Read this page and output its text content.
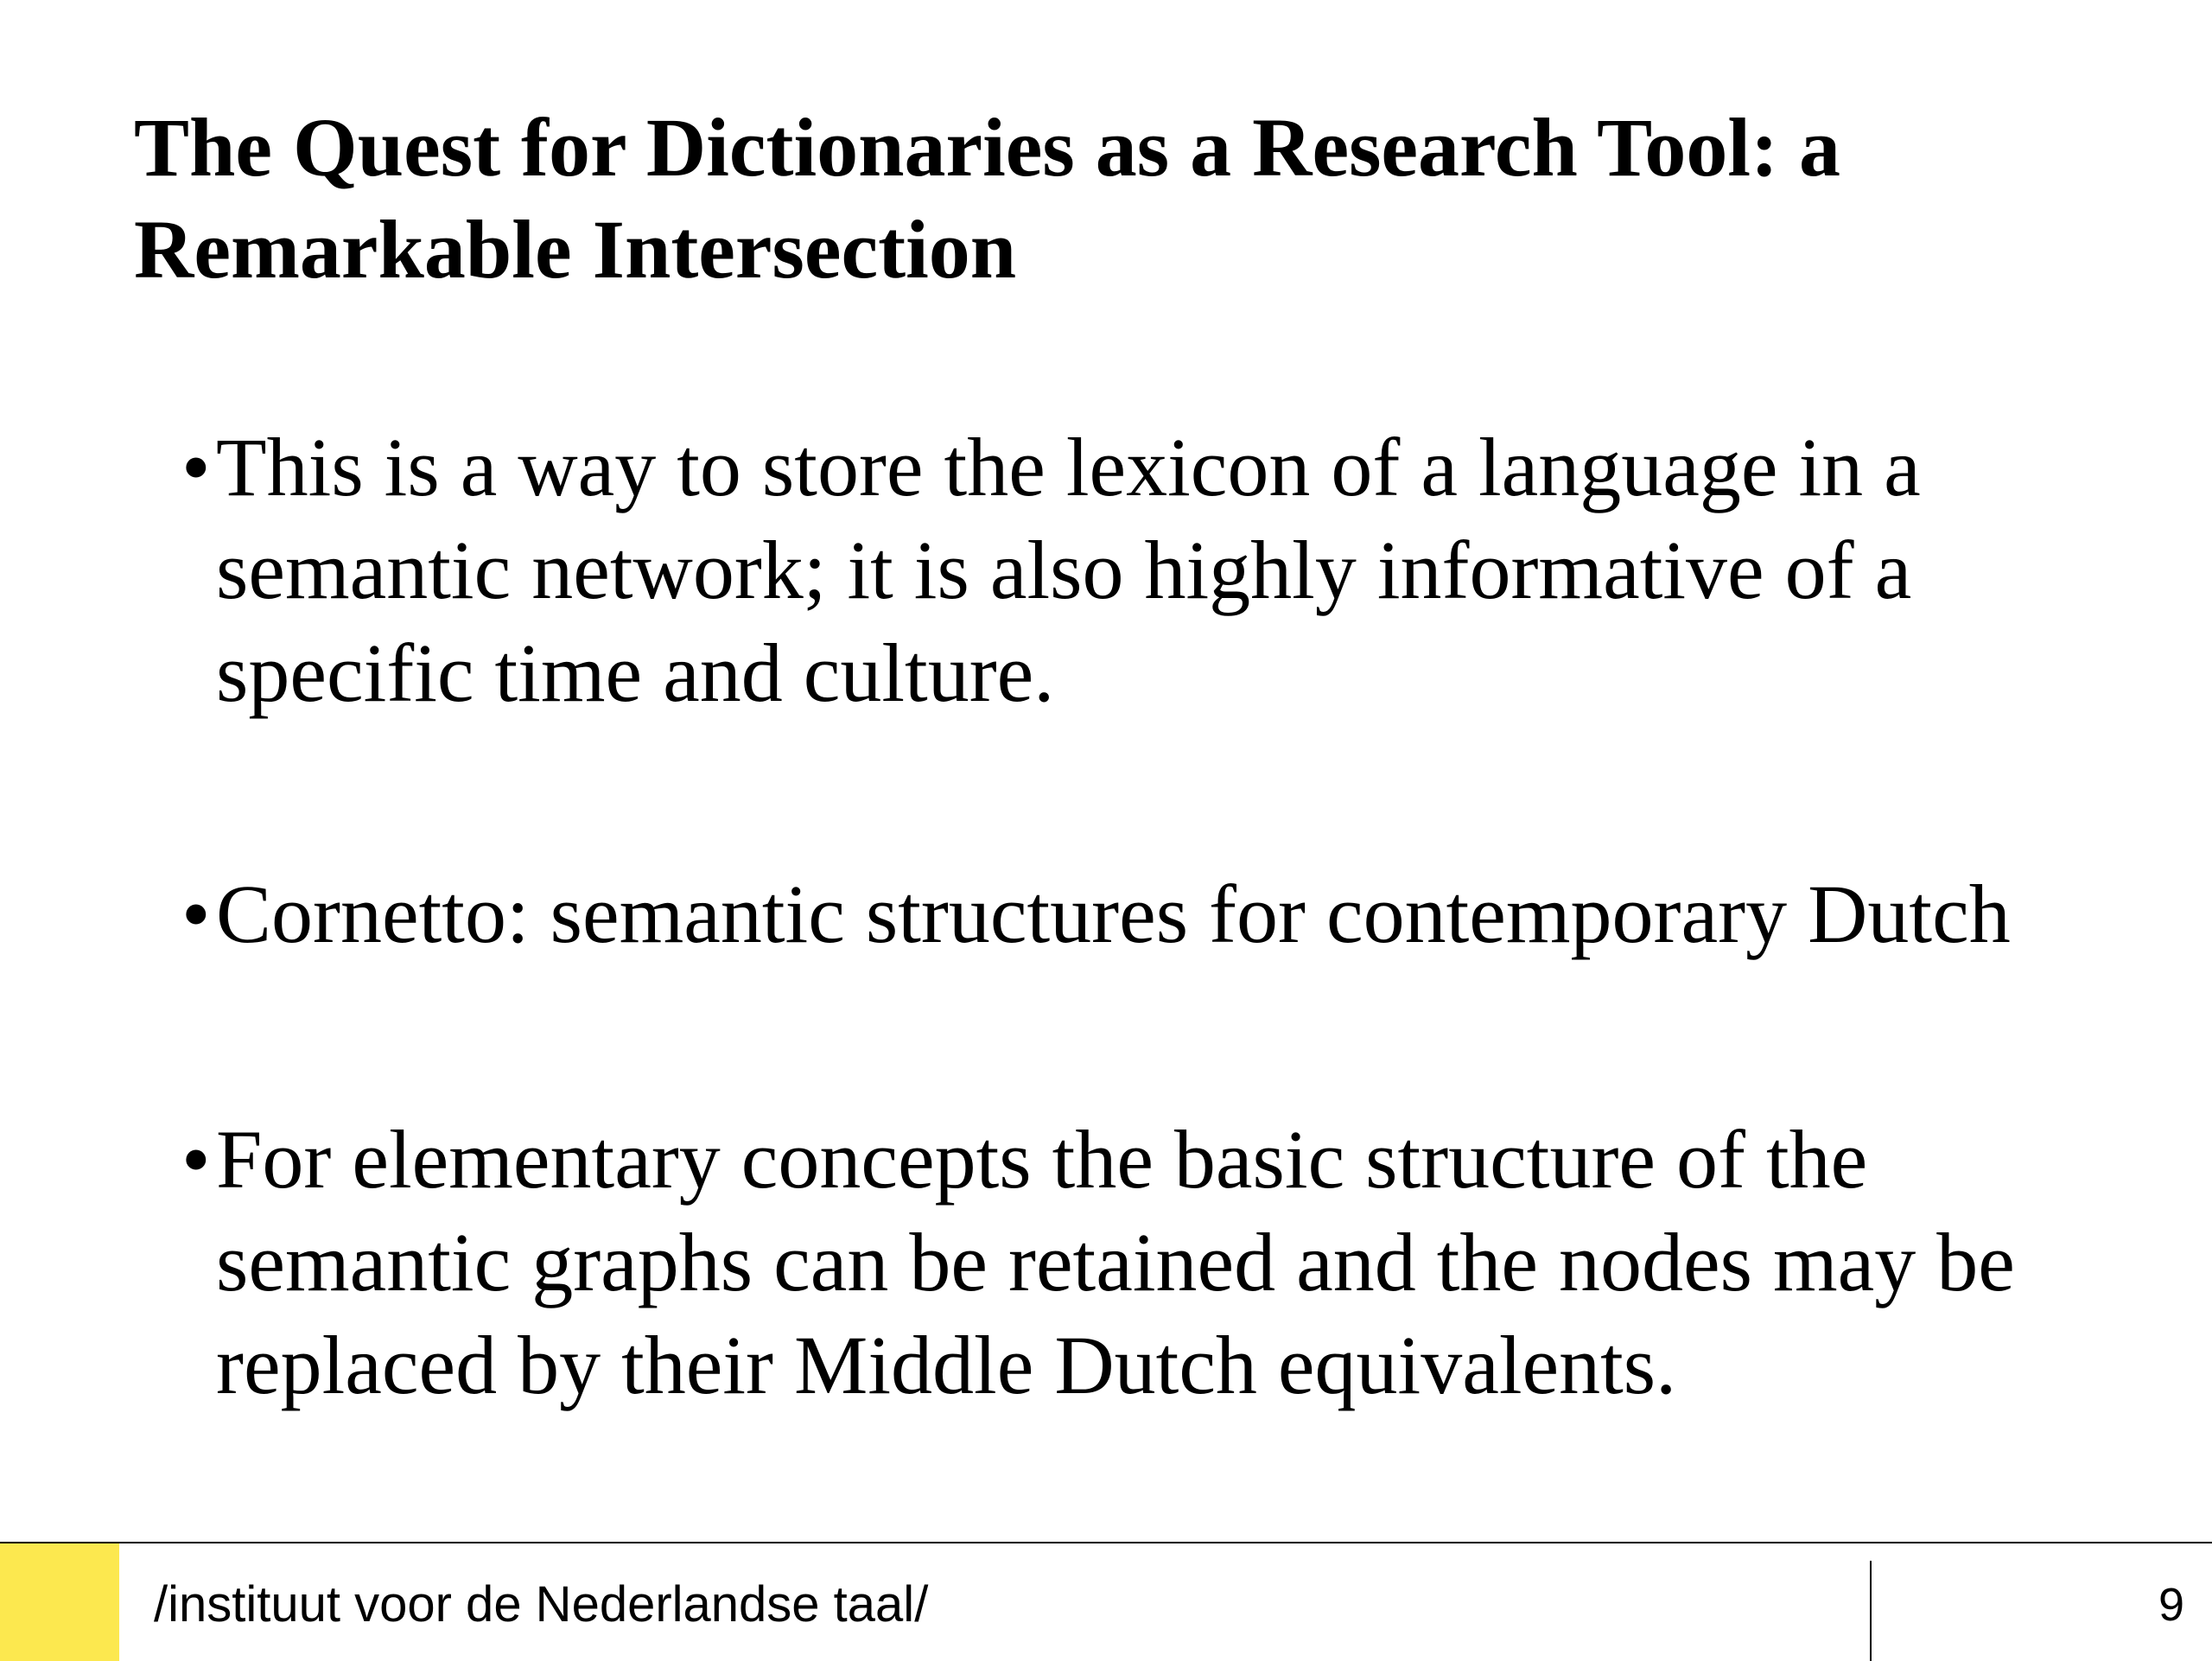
The Quest for Dictionaries as a Research Tool: a Remarkable Intersection
•This is a way to store the lexicon of a language in a semantic network; it is also highly informative of a specific time and culture.
•Cornetto: semantic structures for contemporary Dutch
•For elementary concepts the basic structure of the semantic graphs can be retained and the nodes may be replaced by their Middle Dutch equivalents.
/instituut voor de Nederlandse taal/	9
